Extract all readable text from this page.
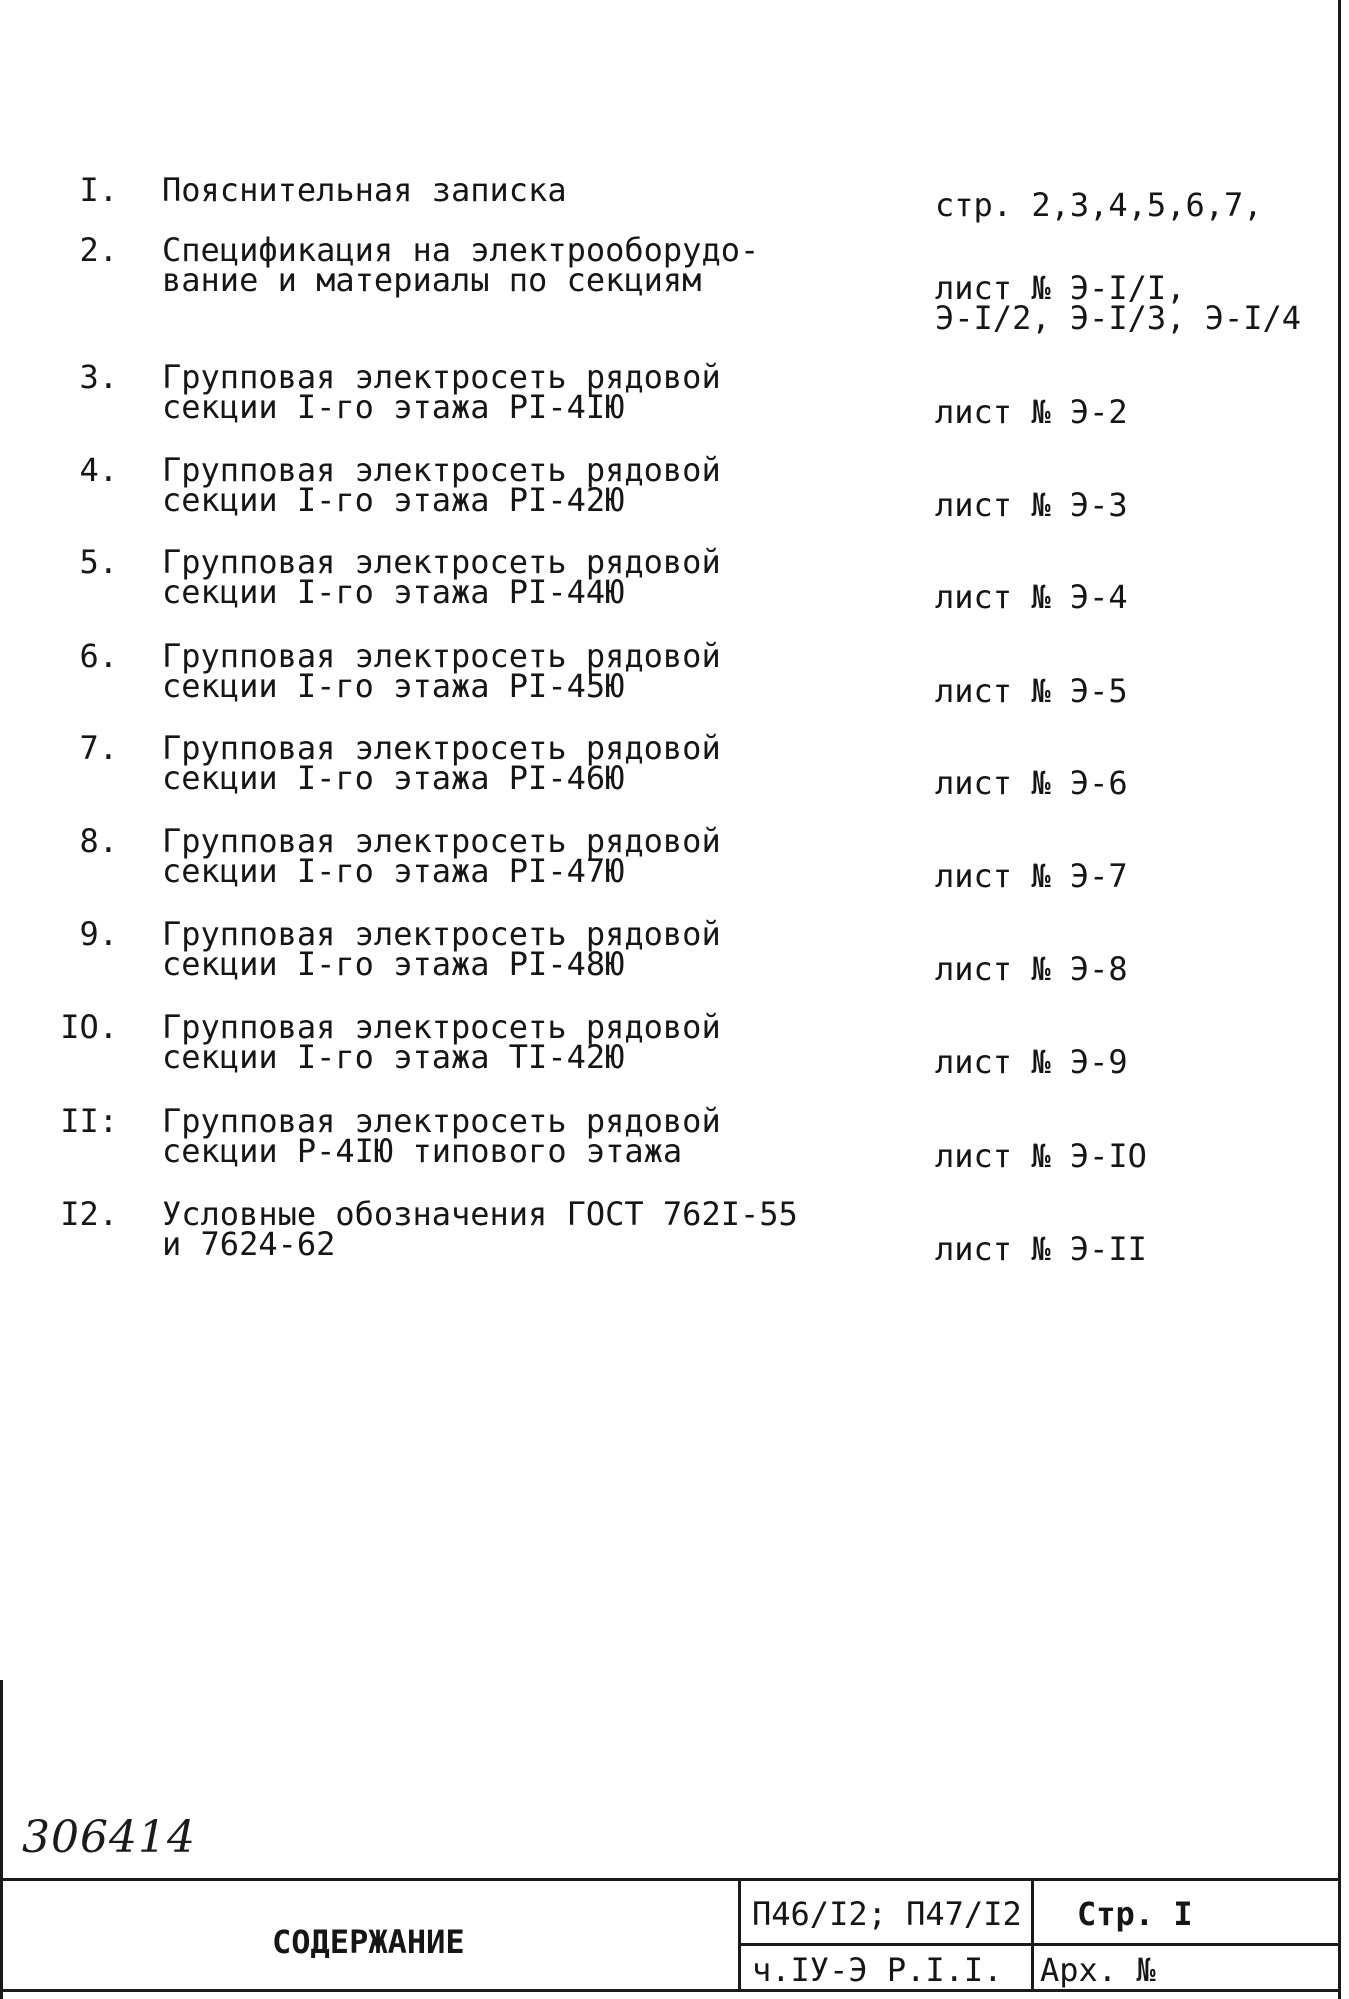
I. Пояснительная записка	стр. 2,3,4,5,6,7,
2. Спецификация на электрооборудо-
вание и материалы по секциям	лист № Э-I/I,
Э-I/2, Э-I/3, Э-I/4
3. Групповая электросеть рядовой
секции I-го этажа PI-4IЮ	лист № Э-2
4. Групповая электросеть рядовой
секции I-го этажа PI-42Ю	лист № Э-3
5. Групповая электросеть рядовой
секции I-го этажа PI-44Ю	лист № Э-4
6. Групповая электросеть рядовой
секции I-го этажа PI-45Ю	лист № Э-5
7. Групповая электросеть рядовой
секции I-го этажа PI-46Ю	лист № Э-6
8. Групповая электросеть рядовой
секции I-го этажа PI-47Ю	лист № Э-7
9. Групповая электросеть рядовой
секции I-го этажа PI-48Ю	лист № Э-8
IO. Групповая электросеть рядовой
секции I-го этажа TI-42Ю	лист № Э-9
II: Групповая электросеть рядовой
секции P-4IЮ типового этажа	лист № Э-IO
I2. Условные обозначения ГОСТ 762I-55
и 7624-62	лист № Э-II
306414
СОДЕРЖАНИЕ
П46/I2; П47/I2 Стр. I
ч.IУ-Э Р.I.I. Арх. №
